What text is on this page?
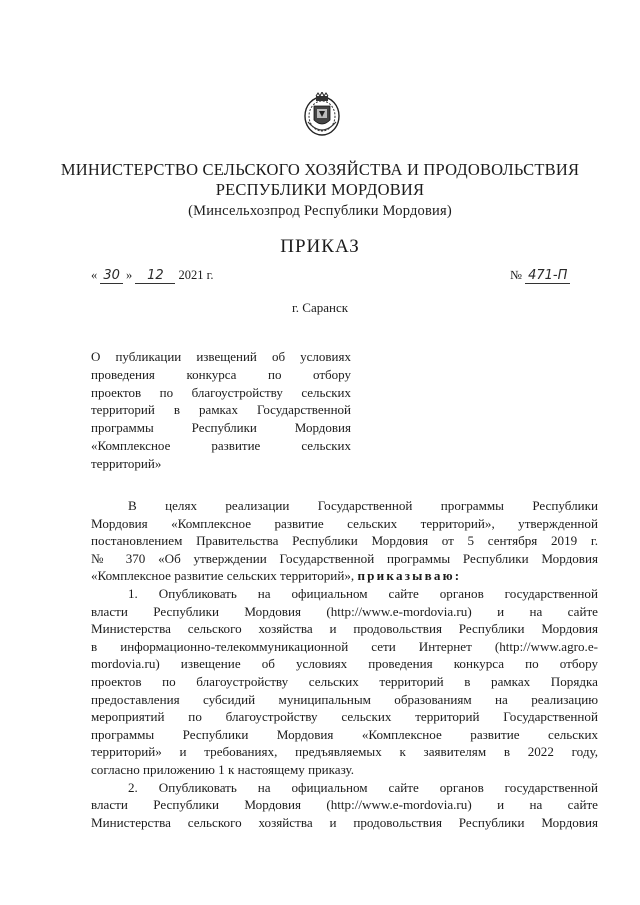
МИНИСТЕРСТВО СЕЛЬСКОГО ХОЗЯЙСТВА И ПРОДОВОЛЬСТВИЯ
РЕСПУБЛИКИ МОРДОВИЯ
(Минсельхозпрод Республики Мордовия)
ПРИКАЗ
« 30 » 12 2021 г.	№ 471-П
г. Саранск
О публикации извещений об условиях
проведения конкурса по отбору
проектов по благоустройству сельских
территорий в рамках Государственной
программы Республики Мордовия
«Комплексное развитие сельских
территорий»
В целях реализации Государственной программы Республики
Мордовия «Комплексное развитие сельских территорий», утвержденной
постановлением Правительства Республики Мордовия от 5 сентября 2019 г.
№ 370 «Об утверждении Государственной программы Республики Мордовия
«Комплексное развитие сельских территорий», приказываю:
1. Опубликовать на официальном сайте органов государственной
власти Республики Мордовия (http://www.e-mordovia.ru) и на сайте
Министерства сельского хозяйства и продовольствия Республики Мордовия
в информационно-телекоммуникационной сети Интернет (http://www.agro.e-
mordovia.ru) извещение об условиях проведения конкурса по отбору
проектов по благоустройству сельских территорий в рамках Порядка
предоставления субсидий муниципальным образованиям на реализацию
мероприятий по благоустройству сельских территорий Государственной
программы Республики Мордовия «Комплексное развитие сельских
территорий» и требованиях, предъявляемых к заявителям в 2022 году,
согласно приложению 1 к настоящему приказу.
2. Опубликовать на официальном сайте органов государственной
власти Республики Мордовия (http://www.e-mordovia.ru) и на сайте
Министерства сельского хозяйства и продовольствия Республики Мордовия
